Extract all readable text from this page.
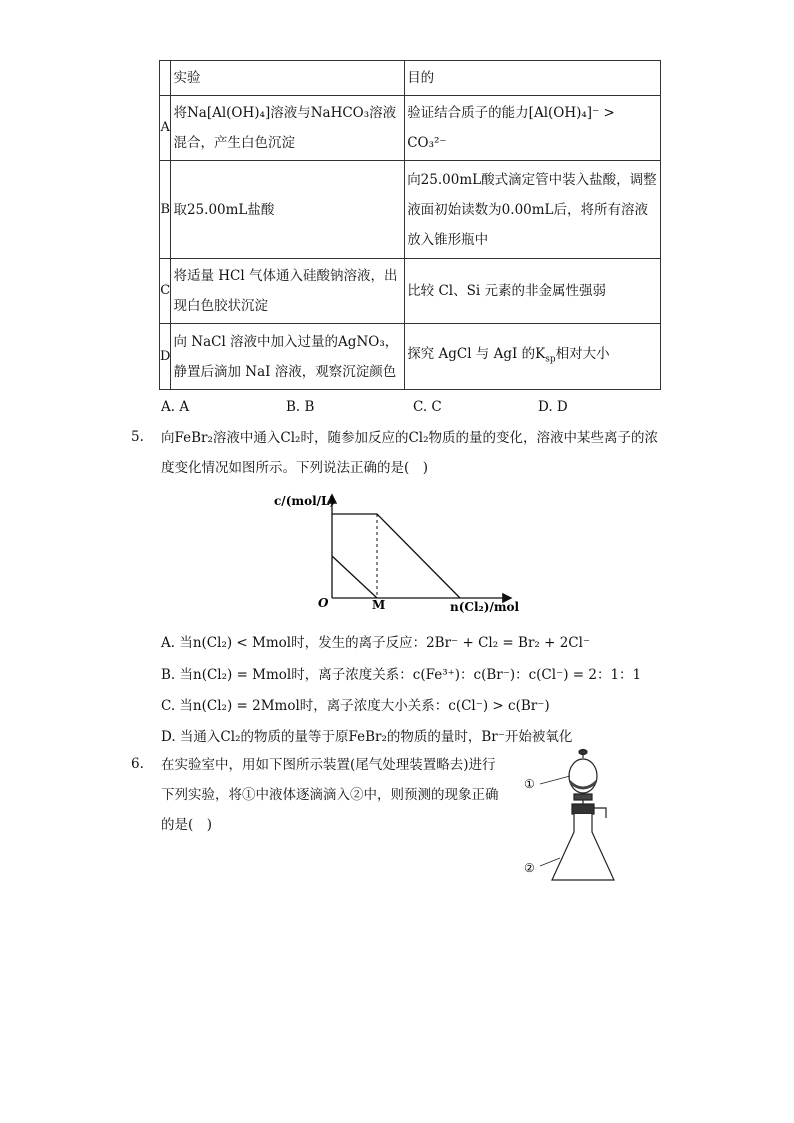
	实验	目的
A	将Na[Al(OH)₄]溶液与NaHCO₃溶液混合，产生白色沉淀	验证结合质子的能力[Al(OH)₄]⁻ > CO₃²⁻
B	取25.00mL盐酸	向25.00mL酸式滴定管中装入盐酸，调整液面初始读数为0.00mL后，将所有溶液放入锥形瓶中
C	将适量 HCl 气体通入硅酸钠溶液，出现白色胶状沉淀	比较 Cl、Si 元素的非金属性强弱
D	向 NaCl 溶液中加入过量的AgNO₃，静置后滴加 NaI 溶液，观察沉淀颜色	探究 AgCl 与 AgI 的$K_{sp}$相对大小
A. A	B. B	C. C	D. D
5. 向FeBr₂溶液中通入Cl₂时，随参加反应的Cl₂物质的量的变化，溶液中某些离子的浓度变化情况如图所示。下列说法正确的是(　)
c/(mol/L)
O	M	n(Cl₂)/mol
A. 当n(Cl₂) < Mmol时，发生的离子反应：2Br⁻ + Cl₂ = Br₂ + 2Cl⁻
B. 当n(Cl₂) = Mmol时，离子浓度关系：c(Fe³⁺)：c(Br⁻)：c(Cl⁻) = 2：1：1
C. 当n(Cl₂) = 2Mmol时，离子浓度大小关系：c(Cl⁻) > c(Br⁻)
D. 当通入Cl₂的物质的量等于原FeBr₂的物质的量时，Br⁻开始被氧化
6. 在实验室中，用如下图所示装置(尾气处理装置略去)进行
下列实验，将①中液体逐滴滴入②中，则预测的现象正确
的是(　)
①
②
